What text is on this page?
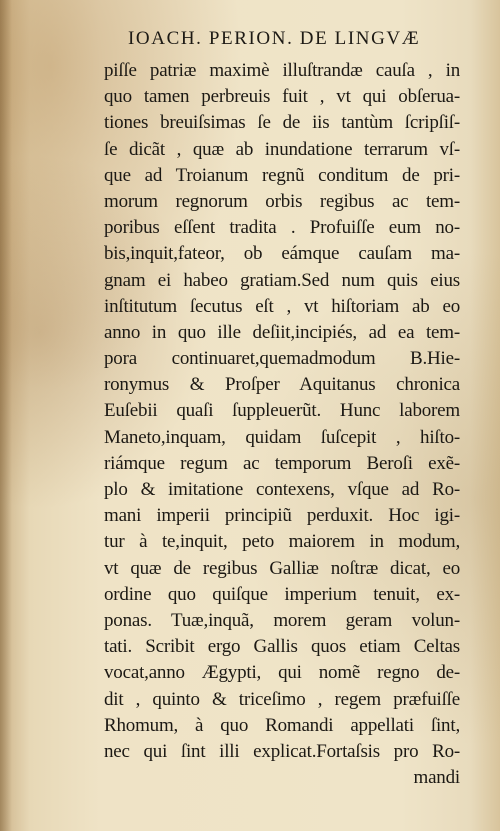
IOACH. PERION. DE LINGVÆ
piſſe patriæ maximè illuſtrandæ cauſa , in
quo tamen perbreuis fuit , vt qui obſerua-
tiones breuiſsimas ſe de iis tantùm ſcripſiſ-
ſe dicãt , quæ ab inundatione terrarum vſ-
que ad Troianum regnũ conditum de pri-
morum regnorum orbis regibus ac tem-
poribus eſſent tradita . Profuiſſe eum no-
bis,inquit,fateor, ob eámque cauſam ma-
gnam ei habeo gratiam.Sed num quis eius
inſtitutum ſecutus eſt , vt hiſtoriam ab eo
anno in quo ille deſiit,incipiés, ad ea tem-
pora continuaret,quemadmodum B.Hie-
ronymus & Proſper Aquitanus chronica
Euſebii quaſi ſuppleuerũt. Hunc laborem
Maneto,inquam, quidam ſuſcepit , hiſto-
riámque regum ac temporum Beroſi exẽ-
plo & imitatione contexens, vſque ad Ro-
mani imperii principiũ perduxit. Hoc igi-
tur à te,inquit, peto maiorem in modum,
vt quæ de regibus Galliæ noſtræ dicat, eo
ordine quo quiſque imperium tenuit, ex-
ponas. Tuæ,inquã, morem geram volun-
tati. Scribit ergo Gallis quos etiam Celtas
vocat,anno Ægypti, qui nomẽ regno de-
dit , quinto & triceſimo , regem præfuiſſe
Rhomum, à quo Romandi appellati ſint,
nec qui ſint illi explicat.Fortaſsis pro Ro-
mandi
